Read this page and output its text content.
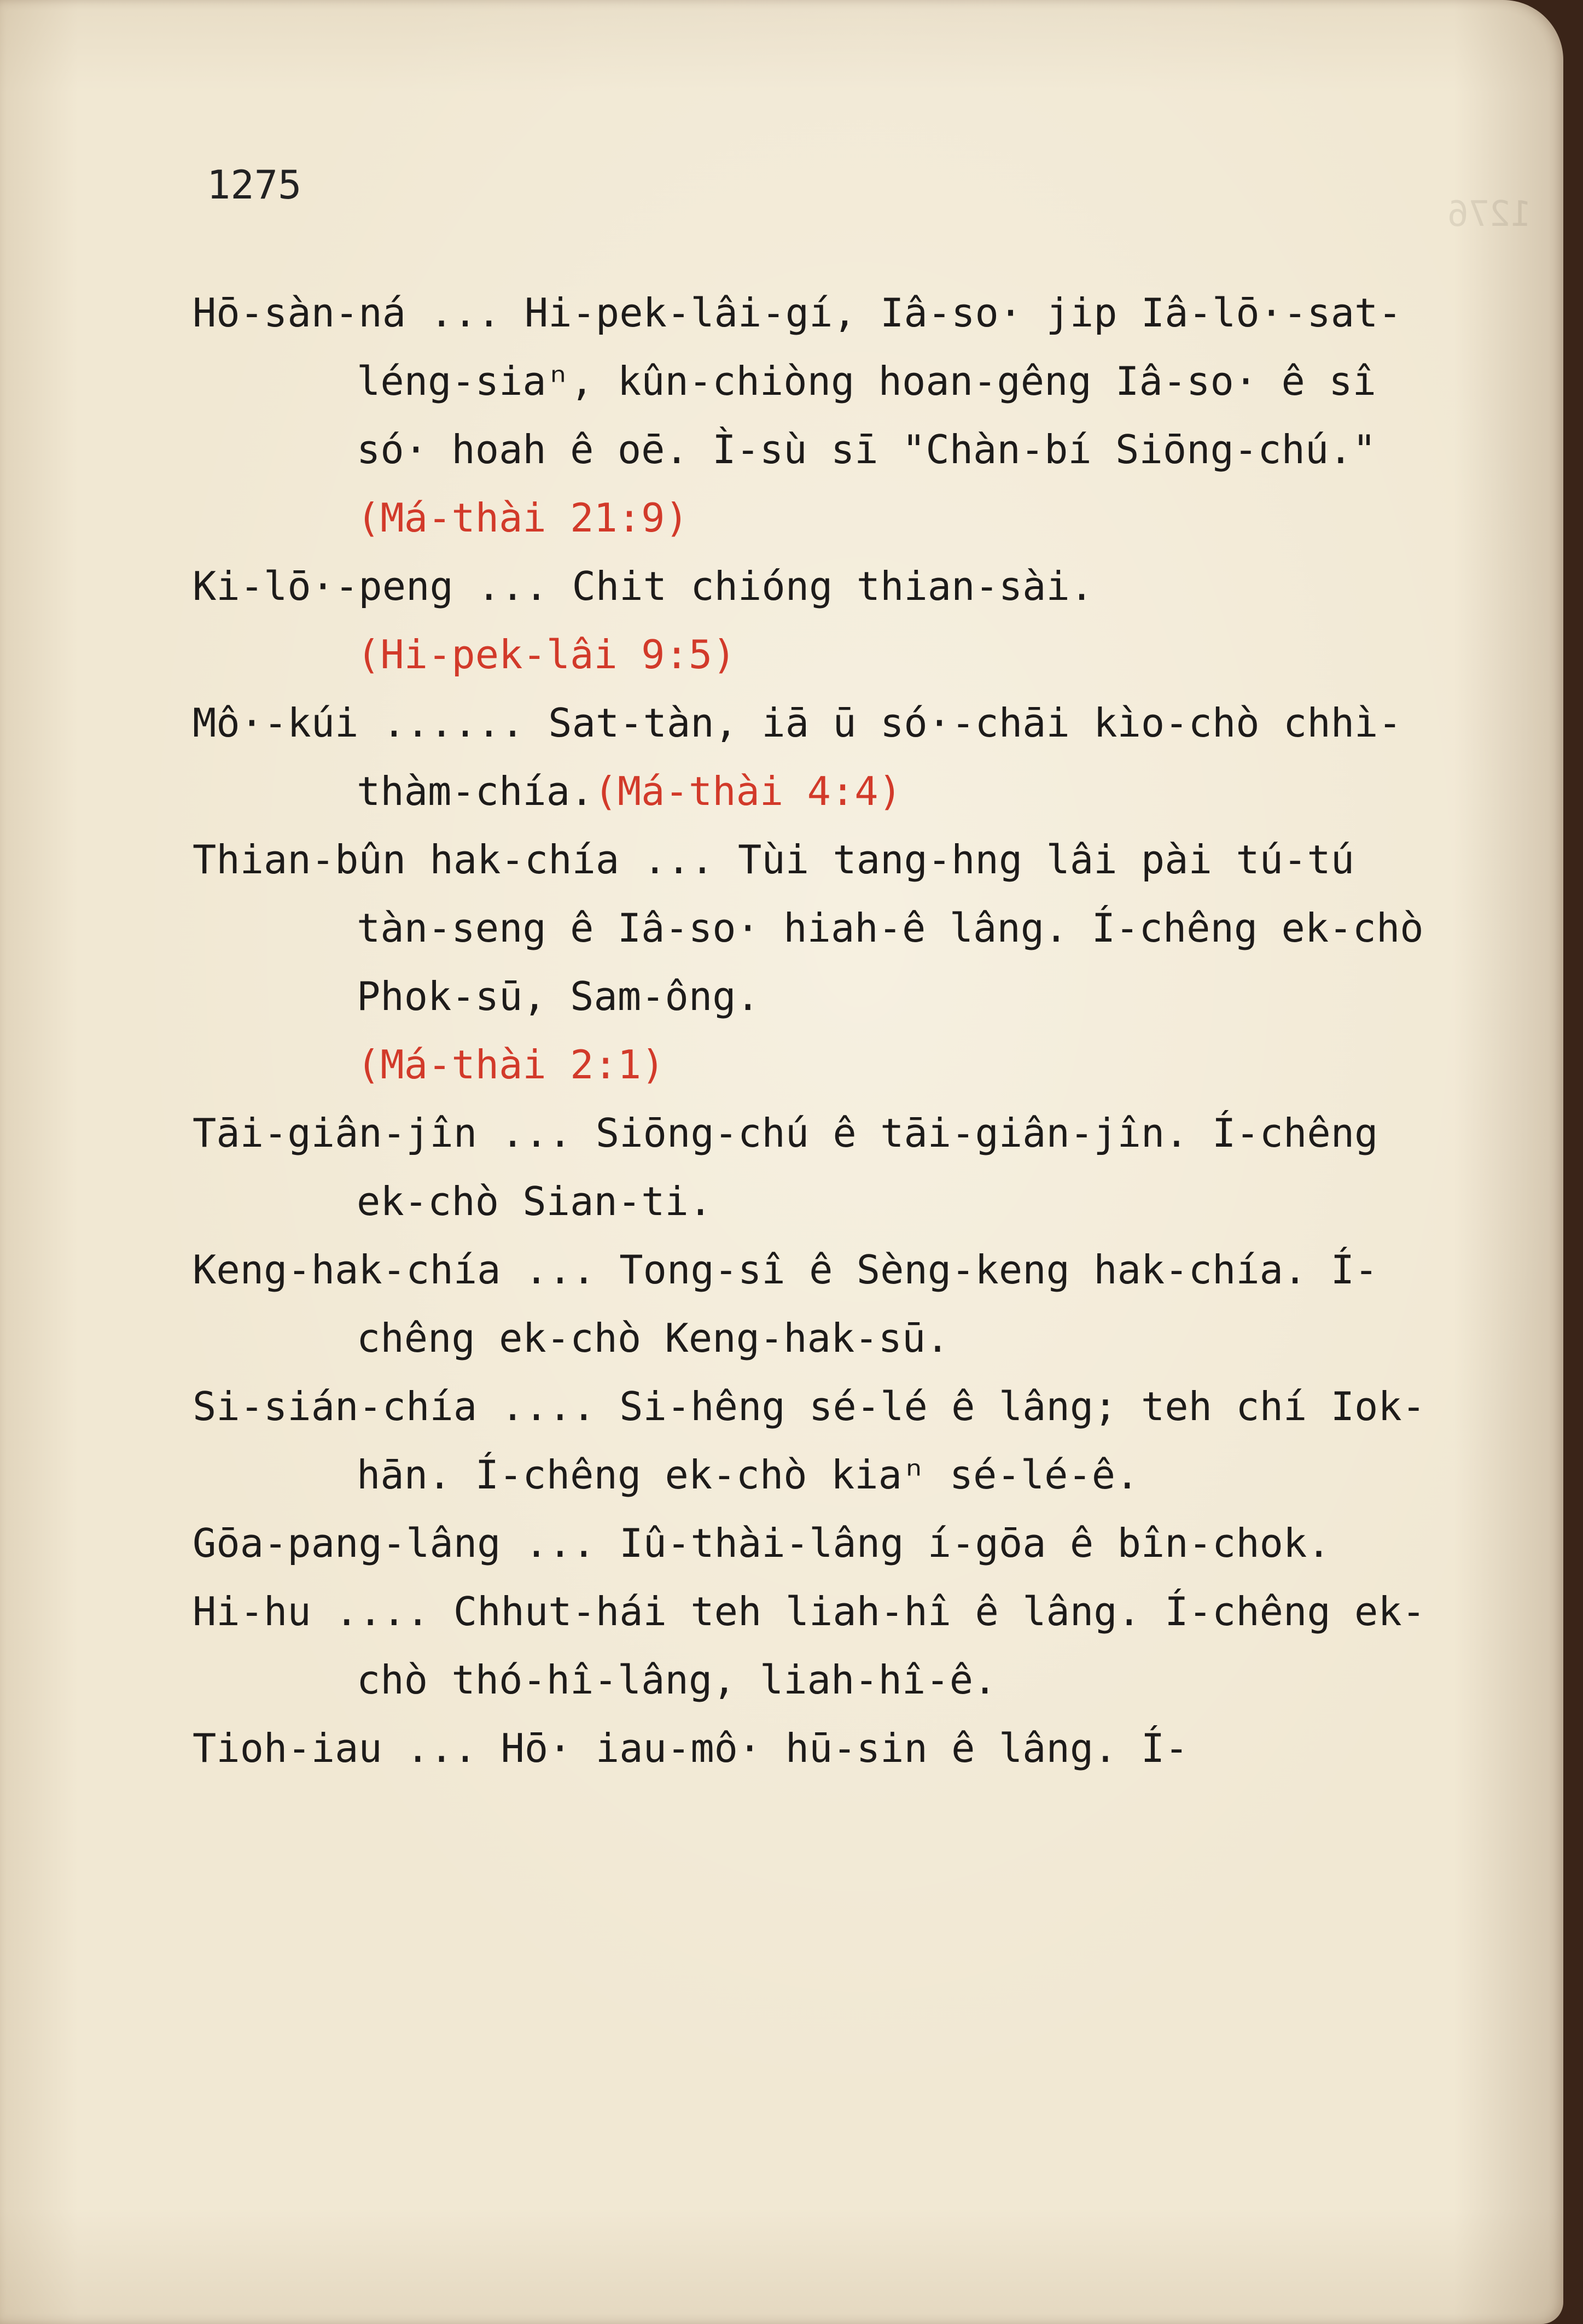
1276
1275

Hō-sàn-ná ... Hi-pek-lâi-gí, Iâ-so· jip Iâ-lō·-sat-léng-siaⁿ, kûn-chiòng hoan-gêng Iâ-so· ê sî só· hoah ê oē. Ì-sù sī "Chàn-bí Siōng-chú." (Má-thài 21:9)

Ki-lō·-peng ... Chit chióng thian-sài.
(Hi-pek-lâi 9:5)

Mô·-kúi ...... Sat-tàn, iā ū só·-chāi kìo-chò chhì-thàm-chía.(Má-thài 4:4)

Thian-bûn hak-chía ... Tùi tang-hng lâi pài tú-tú tàn-seng ê Iâ-so· hiah-ê lâng. Í-chêng ek-chò Phok-sū, Sam-ông.
(Má-thài 2:1)

Tāi-giân-jîn ... Siōng-chú ê tāi-giân-jîn. Í-chêng ek-chò Sian-ti.

Keng-hak-chía ... Tong-sî ê Sèng-keng hak-chía. Í-chêng ek-chò Keng-hak-sū.

Si-sián-chía .... Si-hêng sé-lé ê lâng; teh chí Iok-hān. Í-chêng ek-chò kiaⁿ sé-lé-ê.

Gōa-pang-lâng ... Iû-thài-lâng í-gōa ê bîn-chok.

Hi-hu .... Chhut-hái teh liah-hî ê lâng. Í-chêng ek-chò thó-hî-lâng, liah-hî-ê.

Tioh-iau ... Hō· iau-mô· hū-sin ê lâng. Í-
